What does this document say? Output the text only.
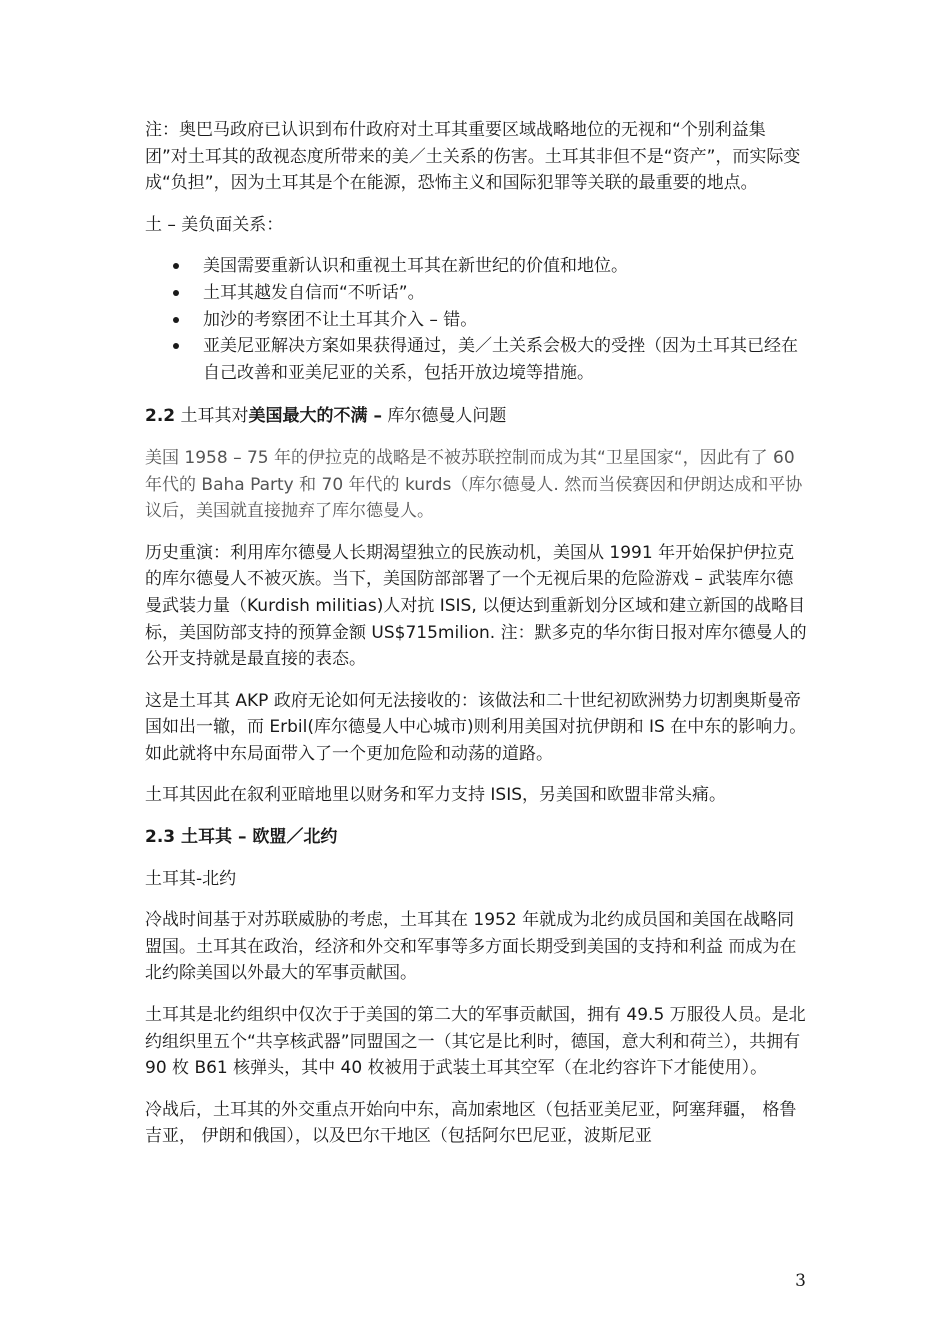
注：奥巴马政府已认识到布什政府对土耳其重要区域战略地位的无视和“个别利益集团”对土耳其的敌视态度所带来的美／土关系的伤害。土耳其非但不是“资产”，而实际变成“负担”，因为土耳其是个在能源，恐怖主义和国际犯罪等关联的最重要的地点。

土 – 美负面关系：

美国需要重新认识和重视土耳其在新世纪的价值和地位。
土耳其越发自信而“不听话”。
加沙的考察团不让土耳其介入 – 错。
亚美尼亚解决方案如果获得通过，美／土关系会极大的受挫（因为土耳其已经在自己改善和亚美尼亚的关系，包括开放边境等措施。

2.2 土耳其对美国最大的不满 – 库尔德曼人问题

美国 1958 – 75 年的伊拉克的战略是不被苏联控制而成为其“卫星国家“，因此有了 60 年代的 Baha Party 和 70 年代的 kurds（库尔德曼人. 然而当侯赛因和伊朗达成和平协议后，美国就直接抛弃了库尔德曼人。

历史重演：利用库尔德曼人长期渴望独立的民族动机，美国从 1991 年开始保护伊拉克的库尔德曼人不被灭族。当下，美国防部部署了一个无视后果的危险游戏 – 武装库尔德曼武装力量（Kurdish militias)人对抗 ISIS, 以便达到重新划分区域和建立新国的战略目标，美国防部支持的预算金额 US$715milion. 注：默多克的华尔街日报对库尔德曼人的公开支持就是最直接的表态。

这是土耳其 AKP 政府无论如何无法接收的：该做法和二十世纪初欧洲势力切割奥斯曼帝国如出一辙，而 Erbil(库尔德曼人中心城市)则利用美国对抗伊朗和 IS 在中东的影响力。如此就将中东局面带入了一个更加危险和动荡的道路。

土耳其因此在叙利亚暗地里以财务和军力支持 ISIS，另美国和欧盟非常头痛。

2.3 土耳其 – 欧盟／北约

土耳其-北约

冷战时间基于对苏联威胁的考虑，土耳其在 1952 年就成为北约成员国和美国在战略同盟国。土耳其在政治，经济和外交和军事等多方面长期受到美国的支持和利益 而成为在北约除美国以外最大的军事贡献国。

土耳其是北约组织中仅次于于美国的第二大的军事贡献国，拥有 49.5 万服役人员。是北约组织里五个“共享核武器”同盟国之一（其它是比利时，德国，意大利和荷兰），共拥有 90 枚 B61 核弹头，其中 40 枚被用于武装土耳其空军（在北约容许下才能使用）。

冷战后，土耳其的外交重点开始向中东，高加索地区（包括亚美尼亚，阿塞拜疆， 格鲁吉亚， 伊朗和俄国），以及巴尔干地区（包括阿尔巴尼亚，波斯尼亚

3
